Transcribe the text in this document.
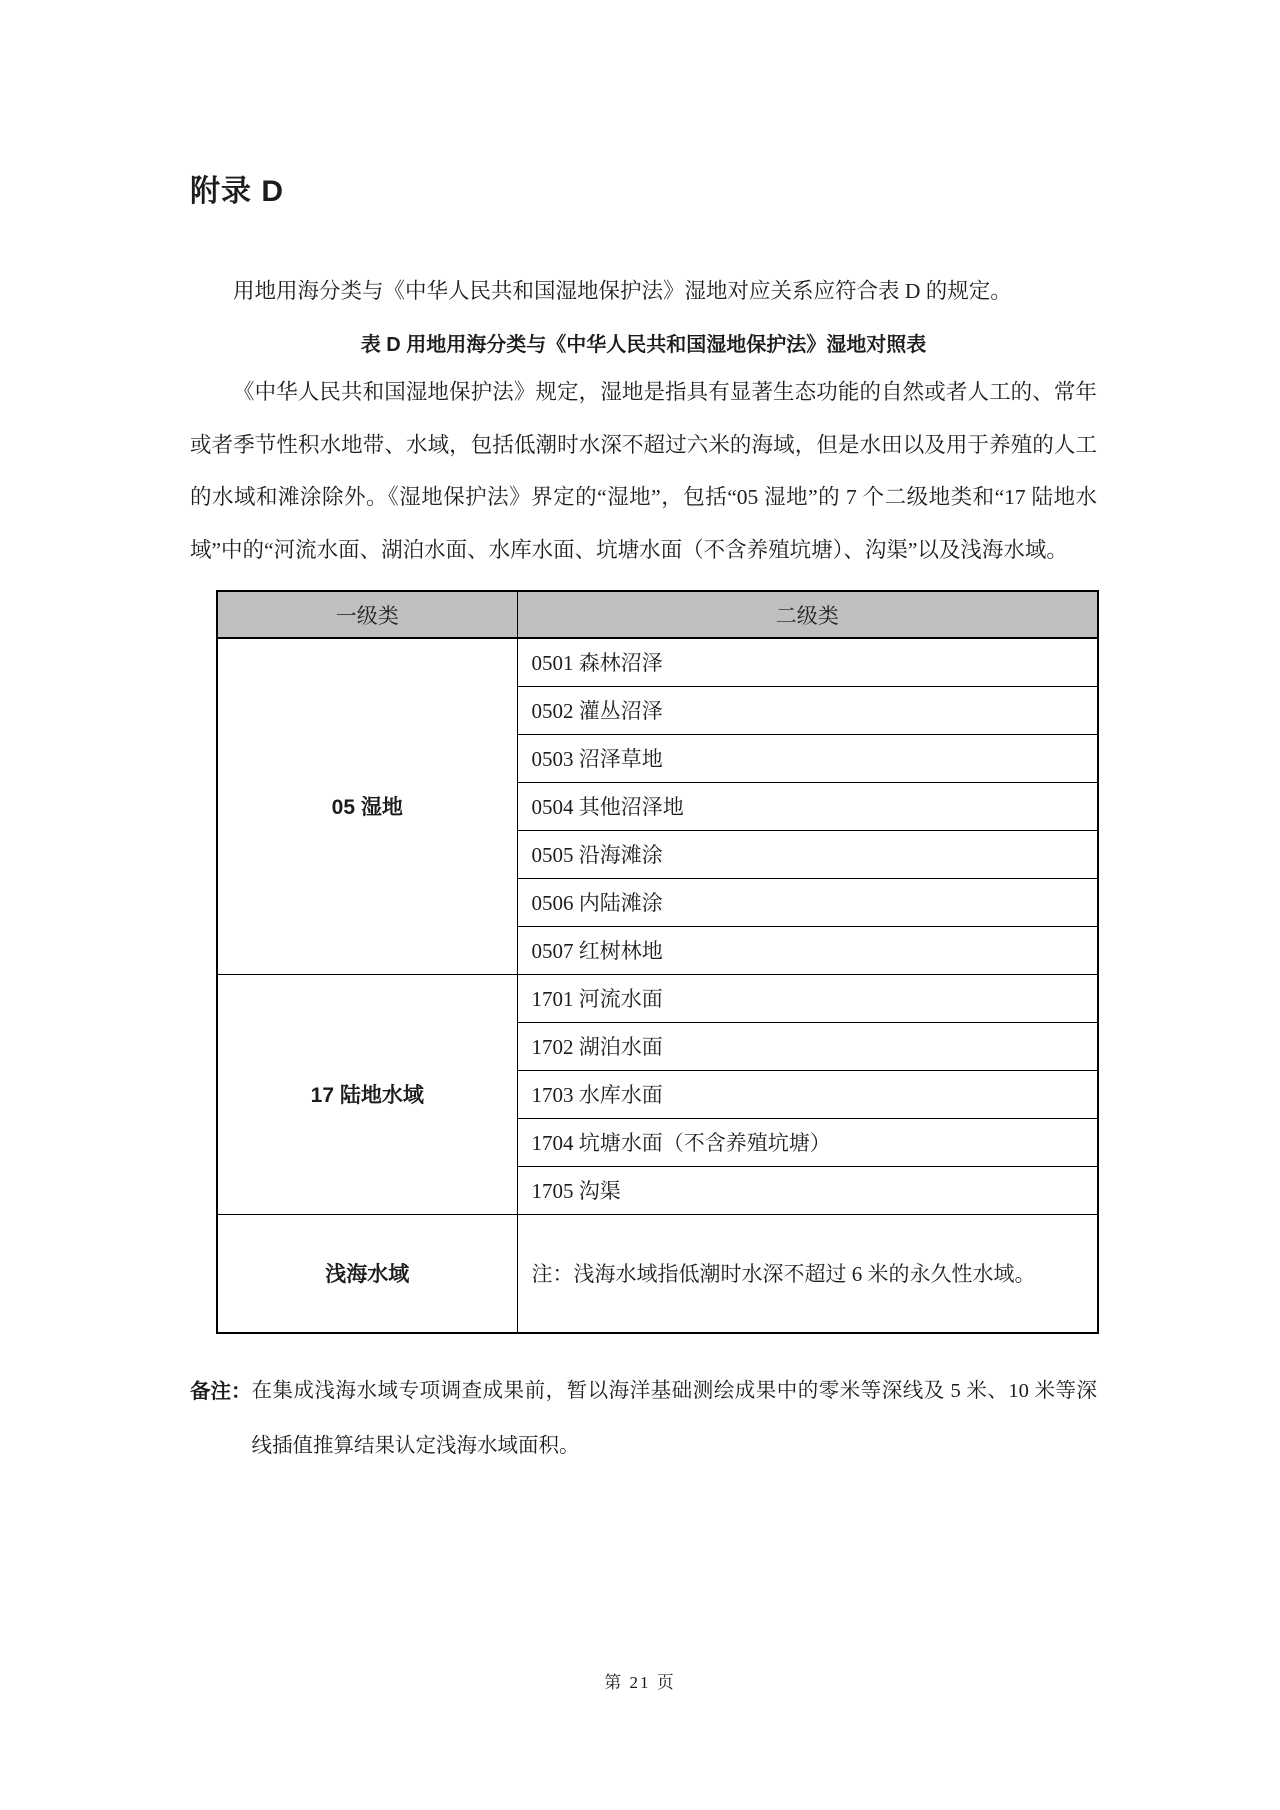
附录 D

用地用海分类与《中华人民共和国湿地保护法》湿地对应关系应符合表 D 的规定。

表 D 用地用海分类与《中华人民共和国湿地保护法》湿地对照表

《中华人民共和国湿地保护法》规定，湿地是指具有显著生态功能的自然或者人工的、常年或者季节性积水地带、水域，包括低潮时水深不超过六米的海域，但是水田以及用于养殖的人工的水域和滩涂除外。《湿地保护法》界定的“湿地”，包括“05 湿地”的 7 个二级地类和“17 陆地水域”中的“河流水面、湖泊水面、水库水面、坑塘水面（不含养殖坑塘）、沟渠”以及浅海水域。

一级类	二级类
05 湿地	0501 森林沼泽
	0502 灌丛沼泽
	0503 沼泽草地
	0504 其他沼泽地
	0505 沿海滩涂
	0506 内陆滩涂
	0507 红树林地
17 陆地水域	1701 河流水面
	1702 湖泊水面
	1703 水库水面
	1704 坑塘水面（不含养殖坑塘）
	1705 沟渠
浅海水域	注：浅海水域指低潮时水深不超过 6 米的永久性水域。
备注： 在集成浅海水域专项调查成果前，暂以海洋基础测绘成果中的零米等深线及 5 米、10 米等深线插值推算结果认定浅海水域面积。
第 21 页
